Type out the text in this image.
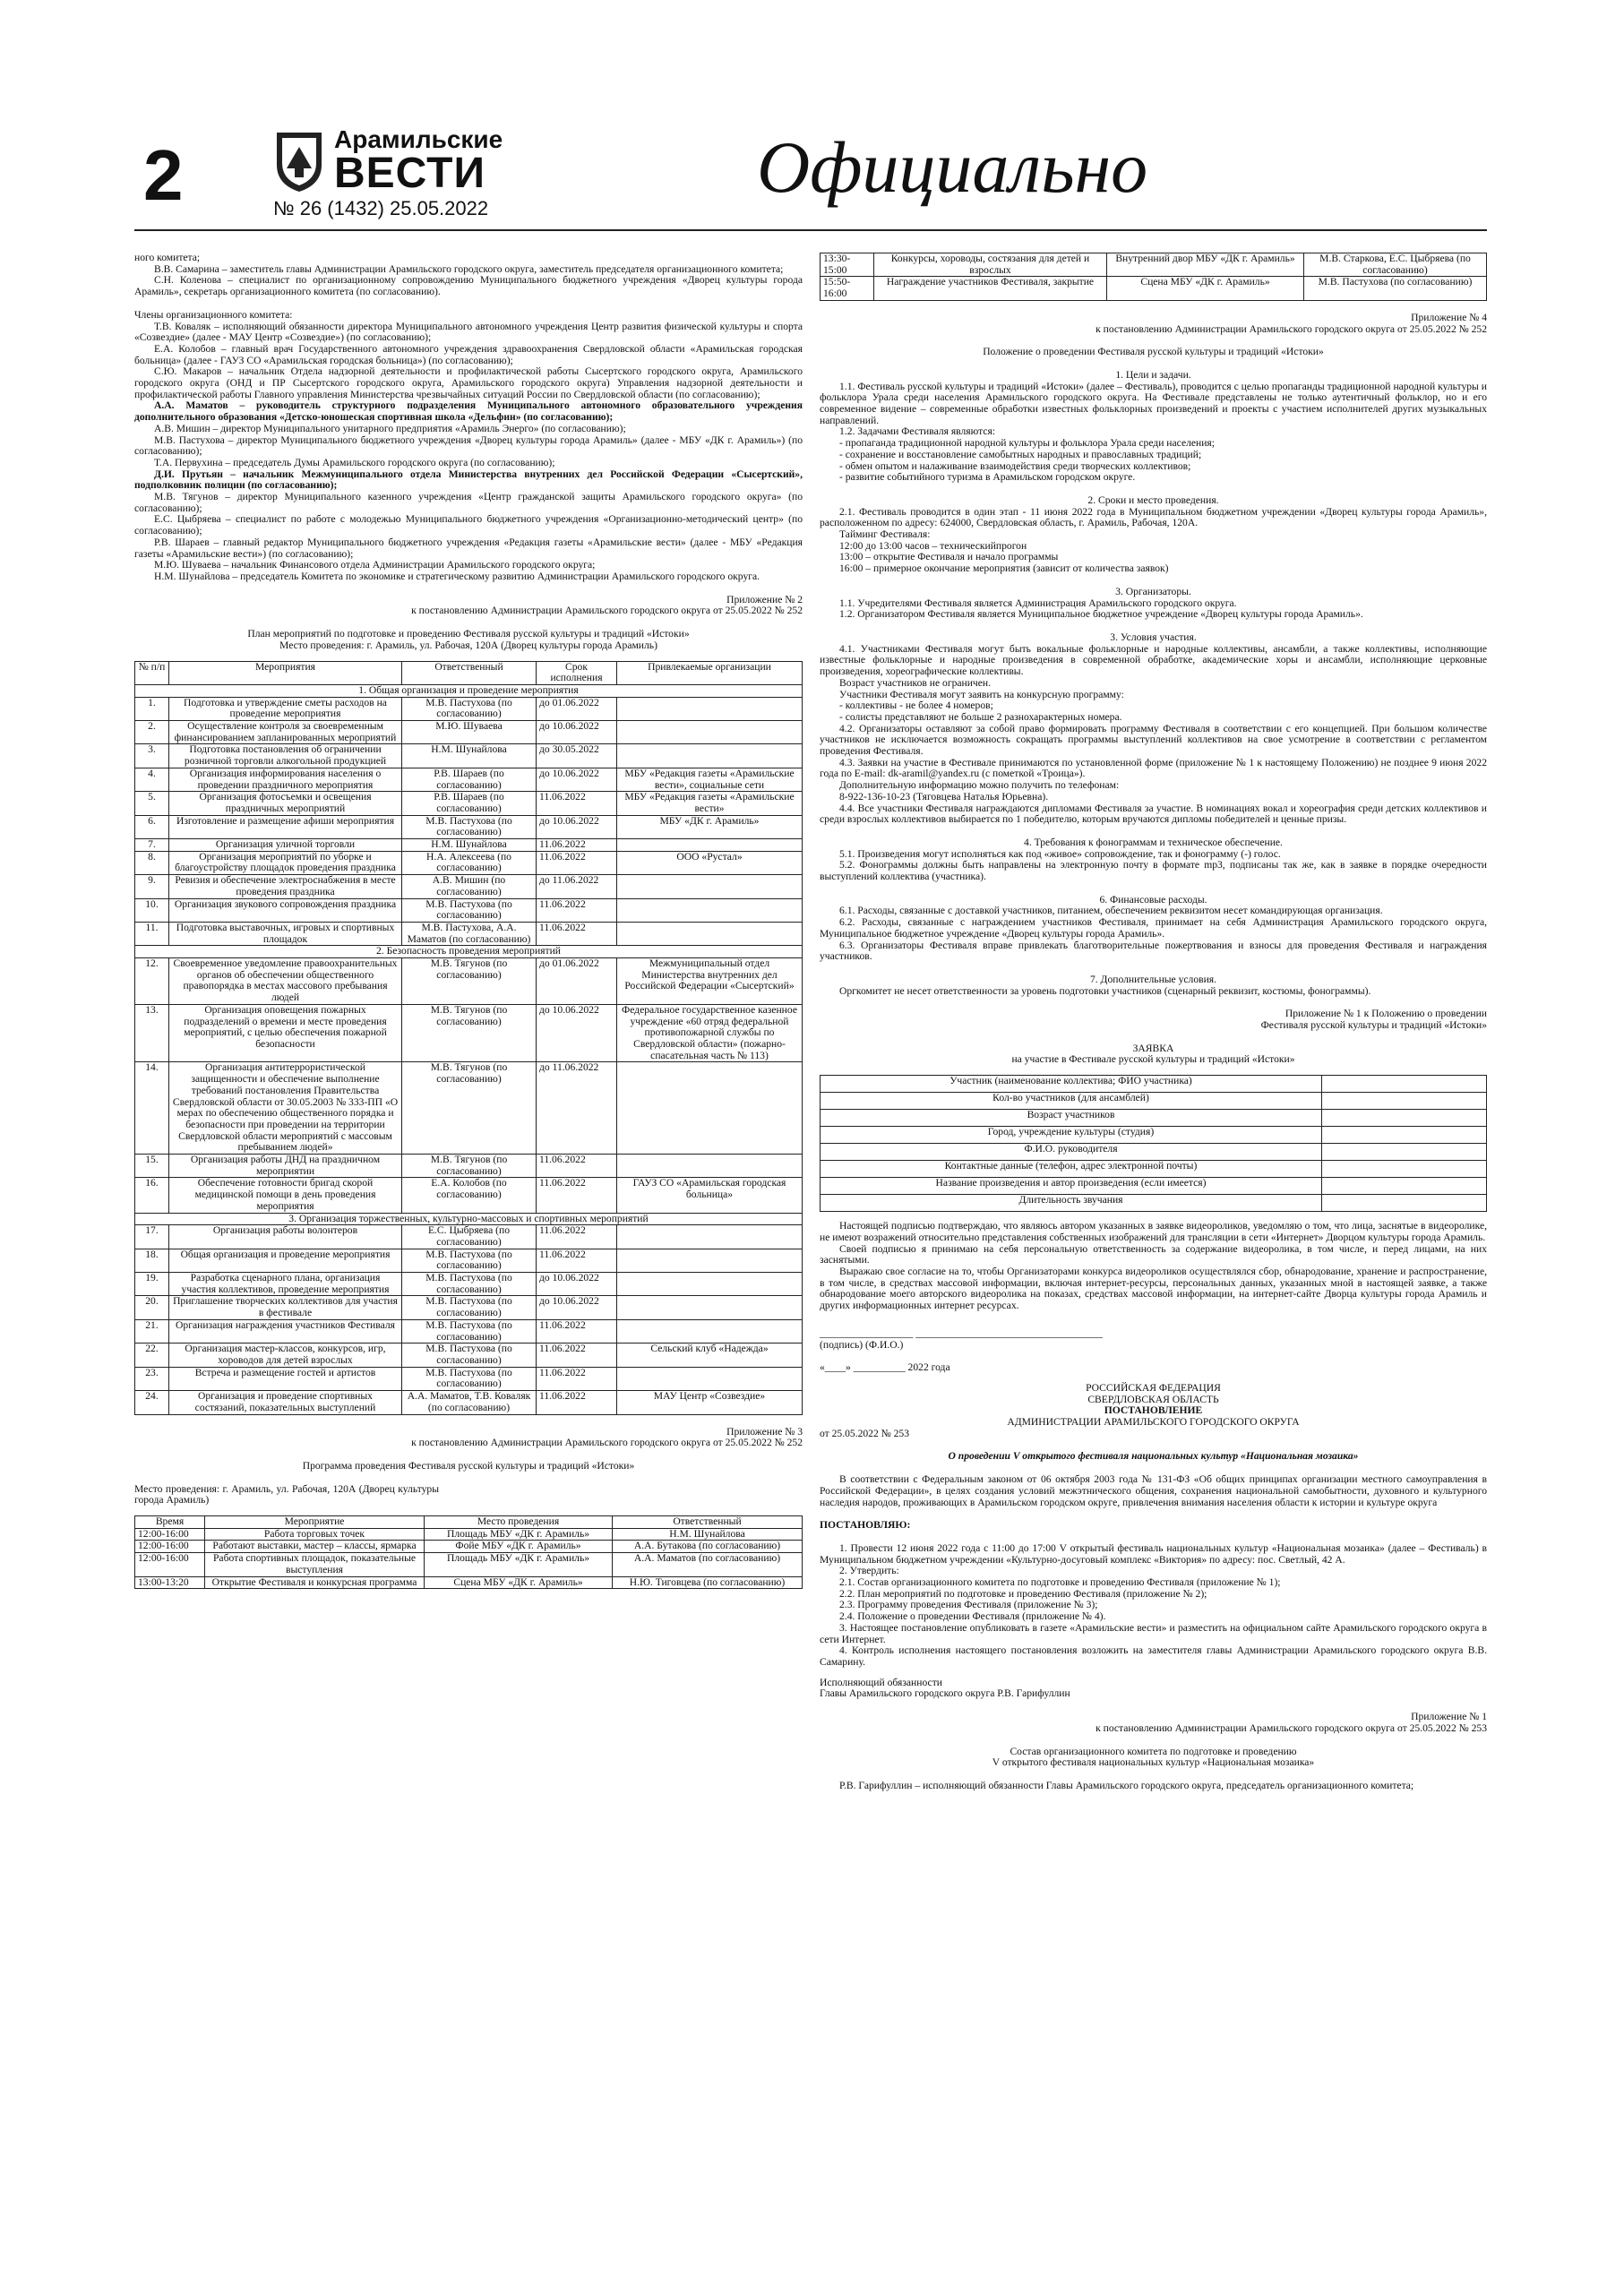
2	Арамильские
ВЕСТИ
№ 26 (1432) 25.05.2022
Официально

ного комитета;

В.В. Самарина – заместитель главы Администрации Арамильского городского округа, заместитель председателя организационного комитета;

С.Н. Коленова – специалист по организационному сопровождению Муниципального бюджетного учреждения «Дворец культуры города Арамиль», секретарь организационного комитета (по согласованию).

Члены организационного комитета:

Т.В. Коваляк – исполняющий обязанности директора Муниципального автономного учреждения Центр развития физической культуры и спорта «Созвездие» (далее - МАУ Центр «Созвездие») (по согласованию);

Е.А. Колобов – главный врач Государственного автономного учреждения здравоохранения Свердловской области «Арамильская городская больница» (далее - ГАУЗ СО «Арамильская городская больница») (по согласованию);

С.Ю. Макаров – начальник Отдела надзорной деятельности и профилактической работы Сысертского городского округа, Арамильского городского округа (ОНД и ПР Сысертского городского округа, Арамильского городского округа) Управления надзорной деятельности и профилактической работы Главного управления Министерства чрезвычайных ситуаций России по Свердловской области (по согласованию);

А.А. Маматов – руководитель структурного подразделения Муниципального автономного образовательного учреждения дополнительного образования «Детско-юношеская спортивная школа «Дельфин» (по согласованию);

А.В. Мишин – директор Муниципального унитарного предприятия «Арамиль Энерго» (по согласованию);

М.В. Пастухова – директор Муниципального бюджетного учреждения «Дворец культуры города Арамиль» (далее - МБУ «ДК г. Арамиль») (по согласованию);

Т.А. Первухина – председатель Думы Арамильского городского округа (по согласованию);

Д.И. Прутьян – начальник Межмуниципального отдела Министерства внутренних дел Российской Федерации «Сысертский», подполковник полиции (по согласованию);

М.В. Тягунов – директор Муниципального казенного учреждения «Центр гражданской защиты Арамильского городского округа» (по согласованию);

Е.С. Цыбряева – специалист по работе с молодежью Муниципального бюджетного учреждения «Организационно-методический центр» (по согласованию);

Р.В. Шараев – главный редактор Муниципального бюджетного учреждения «Редакция газеты «Арамильские вести» (далее - МБУ «Редакция газеты «Арамильские вести») (по согласованию);

М.Ю. Шуваева – начальник Финансового отдела Администрации Арамильского городского округа;

Н.М. Шунайлова – председатель Комитета по экономике и стратегическому развитию Администрации Арамильского городского округа.

Приложение № 2

к постановлению Администрации Арамильского городского округа от 25.05.2022 № 252

План мероприятий по подготовке и проведению Фестиваля русской культуры и традиций «Истоки»

Место проведения: г. Арамиль, ул. Рабочая, 120А (Дворец культуры города Арамиль)

№ п/п	Мероприятия	Ответственный	Срок исполнения	Привлекаемые организации
1. Общая организация и проведение мероприятия				
1.	Подготовка и утверждение сметы расходов на проведение мероприятия	М.В. Пастухова (по согласованию)	до 01.06.2022	
2.	Осуществление контроля за своевременным финансированием запланированных мероприятий	М.Ю. Шуваева	до 10.06.2022	
3.	Подготовка постановления об ограничении розничной торговли алкогольной продукцией	Н.М. Шунайлова	до 30.05.2022	
4.	Организация информирования населения о проведении праздничного мероприятия	Р.В. Шараев (по согласованию)	до 10.06.2022	МБУ «Редакция газеты «Арамильские вести», социальные сети
5.	Организация фотосъемки и освещения праздничных мероприятий	Р.В. Шараев (по согласованию)	11.06.2022	МБУ «Редакция газеты «Арамильские вести»
6.	Изготовление и размещение афиши мероприятия	М.В. Пастухова (по согласованию)	до 10.06.2022	МБУ «ДК г. Арамиль»
7.	Организация уличной торговли	Н.М. Шунайлова	11.06.2022	
8.	Организация мероприятий по уборке и благоустройству площадок проведения праздника	Н.А. Алексеева (по согласованию)	11.06.2022	ООО «Рустал»
9.	Ревизия и обеспечение электроснабжения в месте проведения праздника	А.В. Мишин (по согласованию)	до 11.06.2022	
10.	Организация звукового сопровождения праздника	М.В. Пастухова (по согласованию)	11.06.2022	
11.	Подготовка выставочных, игровых и спортивных площадок	М.В. Пастухова, А.А. Маматов (по согласованию)	11.06.2022	
2. Безопасность проведения мероприятий				
12.	Своевременное уведомление правоохранительных органов об обеспечении общественного правопорядка в местах массового пребывания людей	М.В. Тягунов (по согласованию)	до 01.06.2022	Межмуниципальный отдел Министерства внутренних дел Российской Федерации «Сысертский»
13.	Организация оповещения пожарных подразделений о времени и месте проведения мероприятий, с целью обеспечения пожарной безопасности	М.В. Тягунов (по согласованию)	до 10.06.2022	Федеральное государственное казенное учреждение «60 отряд федеральной противопожарной службы по Свердловской области» (пожарно-спасательная часть № 113)
14.	Организация антитеррористической защищенности и обеспечение выполнение требований постановления Правительства Свердловской области от 30.05.2003 № 333-ПП «О мерах по обеспечению общественного порядка и безопасности при проведении на территории Свердловской области мероприятий с массовым пребыванием людей»	М.В. Тягунов (по согласованию)	до 11.06.2022	
15.	Организация работы ДНД на праздничном мероприятии	М.В. Тягунов (по согласованию)	11.06.2022	
16.	Обеспечение готовности бригад скорой медицинской помощи в день проведения мероприятия	Е.А. Колобов (по согласованию)	11.06.2022	ГАУЗ СО «Арамильская городская больница»
3. Организация торжественных, культурно-массовых и спортивных мероприятий				
17.	Организация работы волонтеров	Е.С. Цыбряева (по согласованию)	11.06.2022	
18.	Общая организация и проведение мероприятия	М.В. Пастухова (по согласованию)	11.06.2022	
19.	Разработка сценарного плана, организация участия коллективов, проведение мероприятия	М.В. Пастухова (по согласованию)	до 10.06.2022	
20.	Приглашение творческих коллективов для участия в фестивале	М.В. Пастухова (по согласованию)	до 10.06.2022	
21.	Организация награждения участников Фестиваля	М.В. Пастухова (по согласованию)	11.06.2022	
22.	Организация мастер-классов, конкурсов, игр, хороводов для детей взрослых	М.В. Пастухова (по согласованию)	11.06.2022	Сельский клуб «Надежда»
23.	Встреча и размещение гостей и артистов	М.В. Пастухова (по согласованию)	11.06.2022	
24.	Организация и проведение спортивных состязаний, показательных выступлений	А.А. Маматов, Т.В. Коваляк (по согласованию)	11.06.2022	МАУ Центр «Созвездие»

Приложение № 3

к постановлению Администрации Арамильского городского округа от 25.05.2022 № 252

Программа проведения Фестиваля русской культуры и традиций «Истоки»

Место проведения: г. Арамиль, ул. Рабочая, 120А (Дворец культуры города Арамиль)

Время	Мероприятие	Место проведения	Ответственный
12:00-16:00	Работа торговых точек	Площадь МБУ «ДК г. Арамиль»	Н.М. Шунайлова
12:00-16:00	Работают выставки, мастер – классы, ярмарка	Фойе МБУ «ДК г. Арамиль»	А.А. Бутакова (по согласованию)
12:00-16:00	Работа спортивных площадок, показательные выступления	Площадь МБУ «ДК г. Арамиль»	А.А. Маматов (по согласованию)
13:00-13:20	Открытие Фестиваля и конкурсная программа	Сцена МБУ «ДК г. Арамиль»	Н.Ю. Тиговцева (по согласованию)
13:30-15:00	Конкурсы, хороводы, состязания для детей и взрослых	Внутренний двор МБУ «ДК г. Арамиль»	М.В. Старкова, Е.С. Цыбряева (по согласованию)
15:50-16:00	Награждение участников Фестиваля, закрытие	Сцена МБУ «ДК г. Арамиль»	М.В. Пастухова (по согласованию)

Приложение № 4

к постановлению Администрации Арамильского городского округа от 25.05.2022 № 252

Положение о проведении Фестиваля русской культуры и традиций «Истоки»

1. Цели и задачи.

1.1. Фестиваль русской культуры и традиций «Истоки» (далее – Фестиваль), проводится с целью пропаганды традиционной народной культуры и фольклора Урала среди населения Арамильского городского округа. На Фестивале представлены не только аутентичный фольклор, но и его современное видение – современные обработки известных фольклорных произведений и проекты с участием исполнителей других музыкальных направлений.

1.2. Задачами Фестиваля являются:

- пропаганда традиционной народной культуры и фольклора Урала среди населения;

- сохранение и восстановление самобытных народных и православных традиций;

- обмен опытом и налаживание взаимодействия среди творческих коллективов;

- развитие событийного туризма в Арамильском городском округе.

2. Сроки и место проведения.

2.1. Фестиваль проводится в один этап - 11 июня 2022 года в Муниципальном бюджетном учреждении «Дворец культуры города Арамиль», расположенном по адресу: 624000, Свердловская область, г. Арамиль, Рабочая, 120А.

Тайминг Фестиваля:

12:00 до 13:00 часов – техническийпрогон

13:00 – открытие Фестиваля и начало программы

16:00 – примерное окончание мероприятия (зависит от количества заявок)

3. Организаторы.

1.1. Учредителями Фестиваля является Администрация Арамильского городского округа.

1.2. Организатором Фестиваля является Муниципальное бюджетное учреждение «Дворец культуры города Арамиль».

3. Условия участия.

4.1. Участниками Фестиваля могут быть вокальные фольклорные и народные коллективы, ансамбли, а также коллективы, исполняющие известные фольклорные и народные произведения в современной обработке, академические хоры и ансамбли, исполняющие церковные произведения, хореографические коллективы.

Возраст участников не ограничен.

Участники Фестиваля могут заявить на конкурсную программу:

- коллективы - не более 4 номеров;

- солисты представляют не больше 2 разнохарактерных номера.

4.2. Организаторы оставляют за собой право формировать программу Фестиваля в соответствии с его концепцией. При большом количестве участников не исключается возможность сокращать программы выступлений коллективов на свое усмотрение в соответствии с регламентом проведения Фестиваля.

4.3. Заявки на участие в Фестивале принимаются по установленной форме (приложение № 1 к настоящему Положению) не позднее 9 июня 2022 года по E-mail: dk-aramil@yandex.ru (с пометкой «Троица»).

Дополнительную информацию можно получить по телефонам:

8-922-136-10-23 (Тяговцева Наталья Юрьевна).

4.4. Все участники Фестиваля награждаются дипломами Фестиваля за участие. В номинациях вокал и хореография среди детских коллективов и среди взрослых коллективов выбирается по 1 победителю, которым вручаются дипломы победителей и ценные призы.

4. Требования к фонограммам и техническое обеспечение.

5.1. Произведения могут исполняться как под «живое» сопровождение, так и фонограмму (-) голос.

5.2. Фонограммы должны быть направлены на электронную почту в формате mp3, подписаны так же, как в заявке в порядке очередности выступлений коллектива (участника).

6. Финансовые расходы.

6.1. Расходы, связанные с доставкой участников, питанием, обеспечением реквизитом несет командирующая организация.

6.2. Расходы, связанные с награждением участников Фестиваля, принимает на себя Администрация Арамильского городского округа, Муниципальное бюджетное учреждение «Дворец культуры города Арамиль».

6.3. Организаторы Фестиваля вправе привлекать благотворительные пожертвования и взносы для проведения Фестиваля и награждения участников.

7. Дополнительные условия.

Оргкомитет не несет ответственности за уровень подготовки участников (сценарный реквизит, костюмы, фонограммы).

Приложение № 1 к Положению о проведении

Фестиваля русской культуры и традиций «Истоки»

ЗАЯВКА

на участие в Фестивале русской культуры и традиций «Истоки»

Участник (наименование коллектива; ФИО участника)	
Кол-во участников (для ансамблей)	
Возраст участников	
Город, учреждение культуры (студия)	
Ф.И.О. руководителя	
Контактные данные (телефон, адрес электронной почты)	
Название произведения и автор произведения (если имеется)	
Длительность звучания	

Настоящей подписью подтверждаю, что являюсь автором указанных в заявке видеороликов, уведомляю о том, что лица, заснятые в видеоролике, не имеют возражений относительно представления собственных изображений для трансляции в сети «Интернет» Дворцом культуры города Арамиль.

Своей подписью я принимаю на себя персональную ответственность за содержание видеоролика, в том числе, и перед лицами, на них заснятыми.

Выражаю свое согласие на то, чтобы Организаторами конкурса видеороликов осуществлялся сбор, обнародование, хранение и распространение, в том числе, в средствах массовой информации, включая интернет-ресурсы, персональных данных, указанных мной в настоящей заявке, а также обнародование моего авторского видеоролика на показах, средствах массовой информации, на интернет-сайте Дворца культуры города Арамиль и других информационных интернет ресурсах.

__________________ ____________________________________

(подпись) (Ф.И.О.)

«____» __________ 2022 года

РОССИЙСКАЯ ФЕДЕРАЦИЯ

СВЕРДЛОВСКАЯ ОБЛАСТЬ

ПОСТАНОВЛЕНИЕ

АДМИНИСТРАЦИИ АРАМИЛЬСКОГО ГОРОДСКОГО ОКРУГА

от 25.05.2022 № 253

О проведении V открытого фестиваля национальных культур «Национальная мозаика»

В соответствии с Федеральным законом от 06 октября 2003 года № 131-ФЗ «Об общих принципах организации местного самоуправления в Российской Федерации», в целях создания условий межэтнического общения, сохранения национальной самобытности, духовного и культурного наследия народов, проживающих в Арамильском городском округе, привлечения внимания населения области к истории и культуре округа

ПОСТАНОВЛЯЮ:

1. Провести 12 июня 2022 года с 11:00 до 17:00 V открытый фестиваль национальных культур «Национальная мозаика» (далее – Фестиваль) в Муниципальном бюджетном учреждении «Культурно-досуговый комплекс «Виктория» по адресу: пос. Светлый, 42 А.

2. Утвердить:

2.1. Состав организационного комитета по подготовке и проведению Фестиваля (приложение № 1);

2.2. План мероприятий по подготовке и проведению Фестиваля (приложение № 2);

2.3. Программу проведения Фестиваля (приложение № 3);

2.4. Положение о проведении Фестиваля (приложение № 4).

3. Настоящее постановление опубликовать в газете «Арамильские вести» и разместить на официальном сайте Арамильского городского округа в сети Интернет.

4. Контроль исполнения настоящего постановления возложить на заместителя главы Администрации Арамильского городского округа В.В. Самарину.

Исполняющий обязанности

Главы Арамильского городского округа Р.В. Гарифуллин

Приложение № 1

к постановлению Администрации Арамильского городского округа от 25.05.2022 № 253

Состав организационного комитета по подготовке и проведению

V открытого фестиваля национальных культур «Национальная мозаика»

Р.В. Гарифуллин – исполняющий обязанности Главы Арамильского городского округа, председатель организационного комитета;
